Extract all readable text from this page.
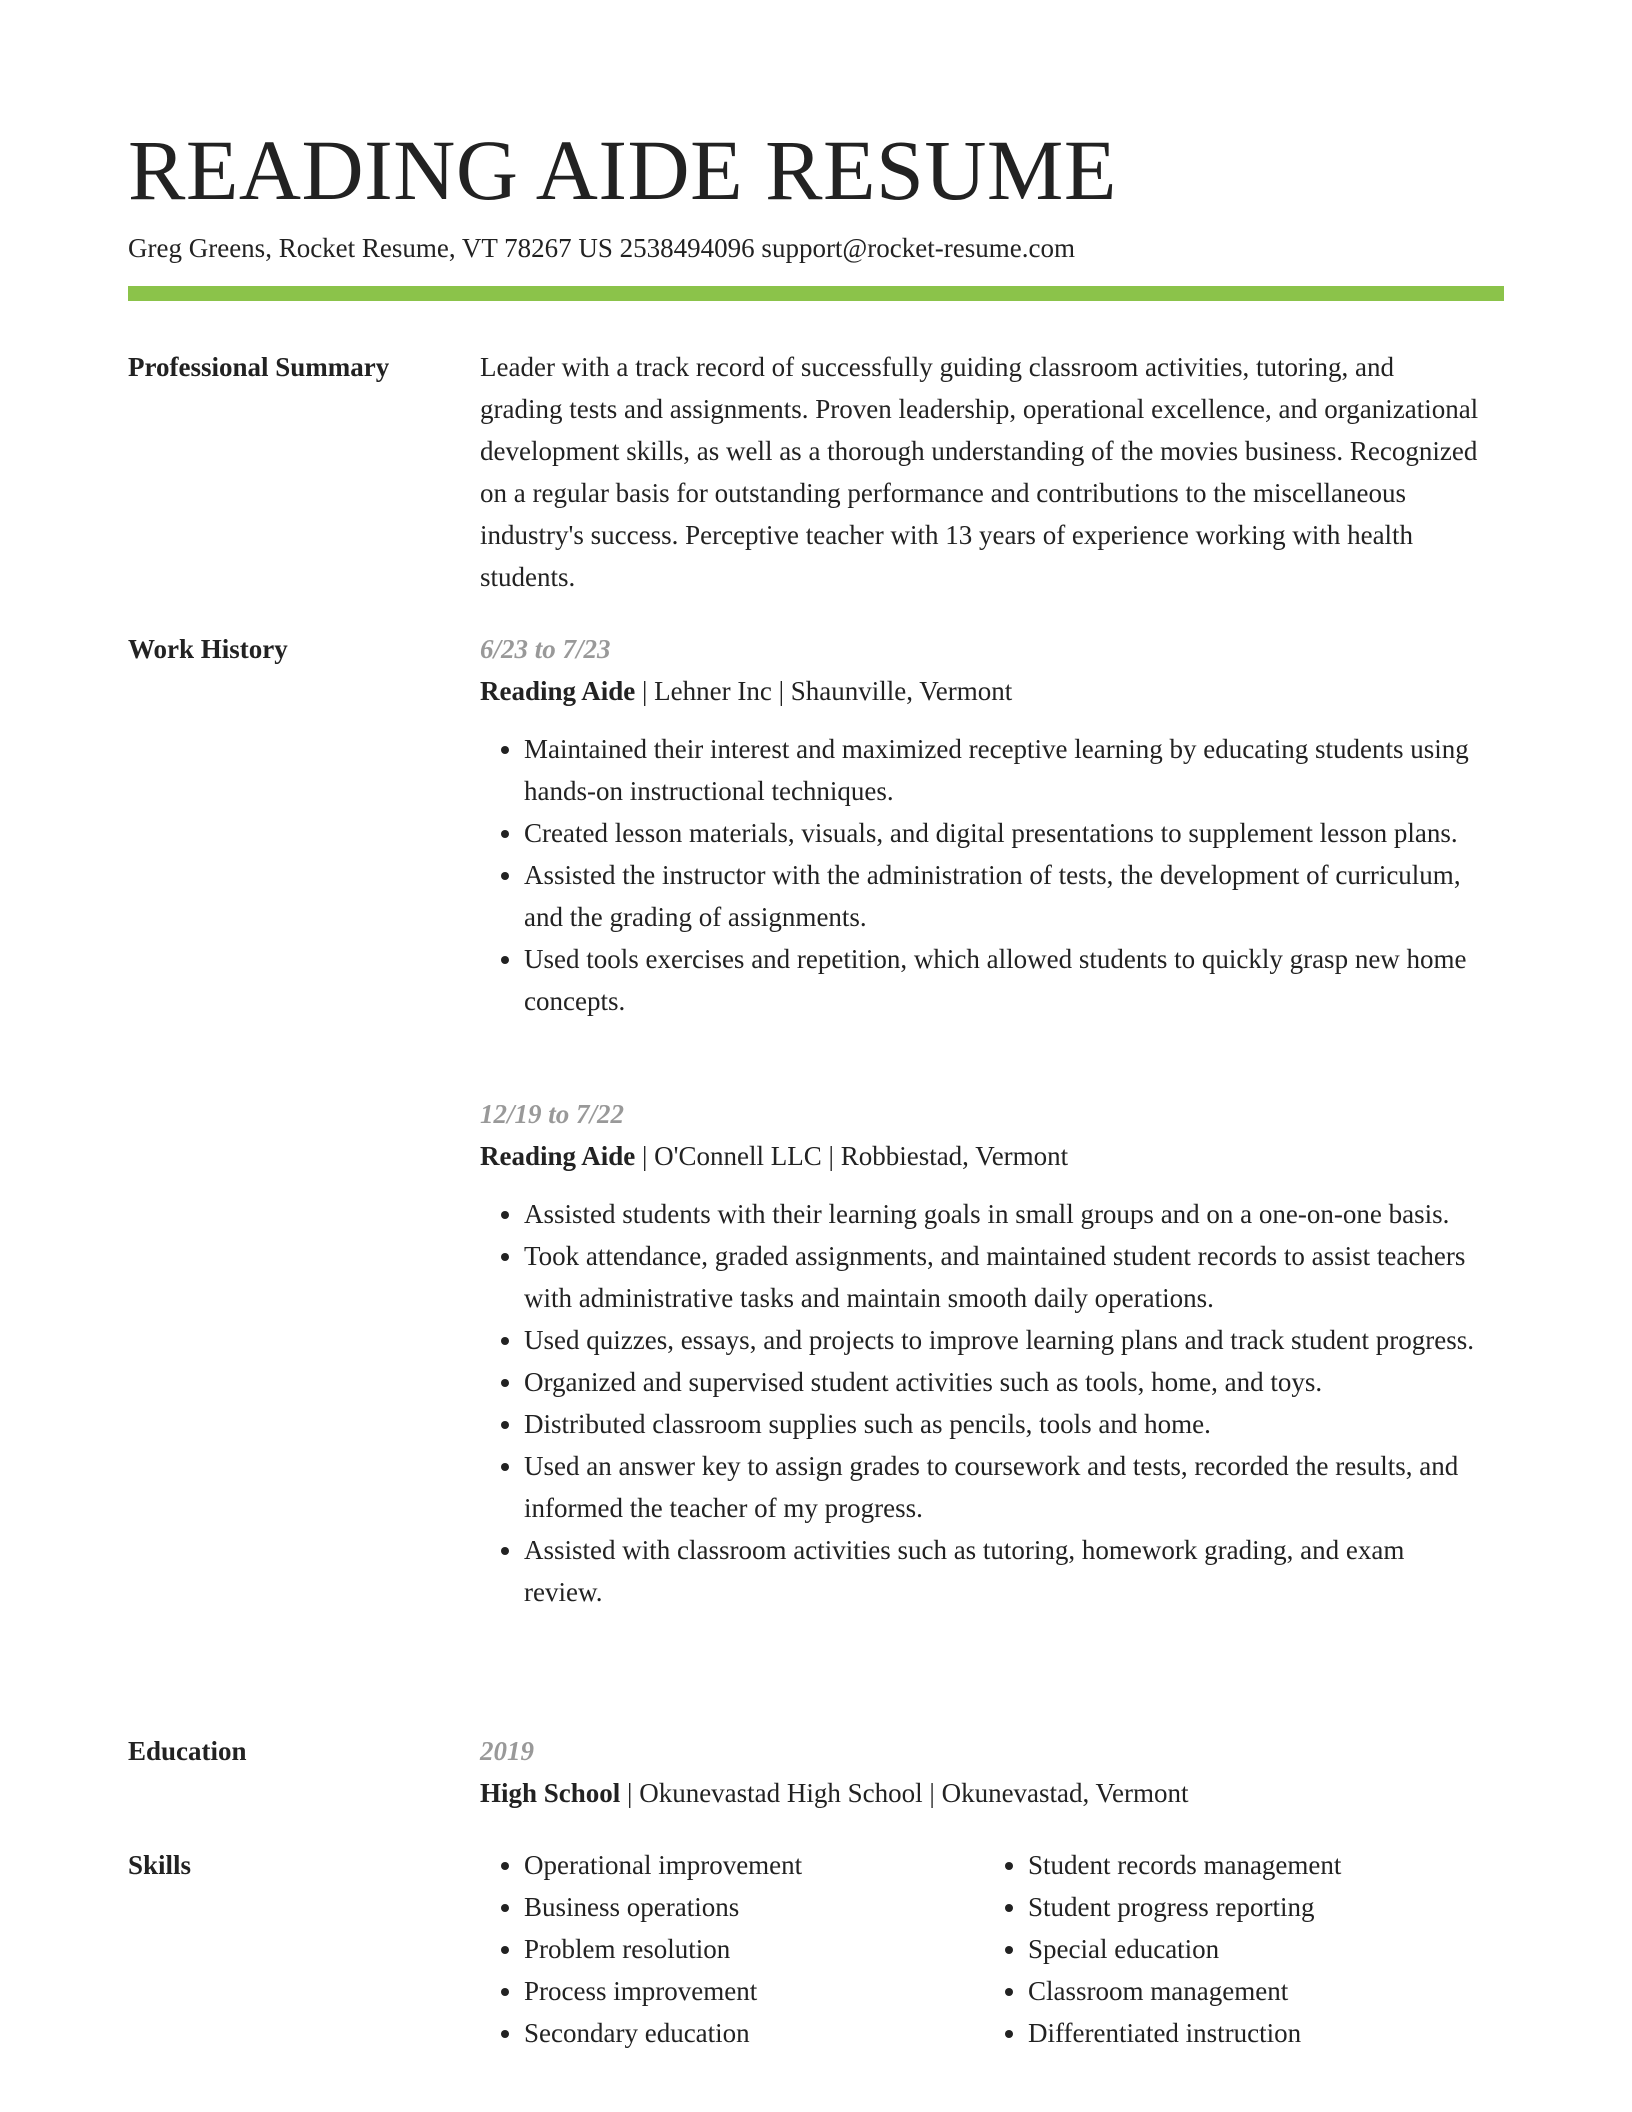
READING AIDE RESUME
Greg Greens, Rocket Resume, VT 78267 US 2538494096 support@rocket-resume.com
Professional Summary	Leader with a track record of successfully guiding classroom activities, tutoring, and grading tests and assignments. Proven leadership, operational excellence, and organizational development skills, as well as a thorough understanding of the movies business. Recognized on a regular basis for outstanding performance and contributions to the miscellaneous industry's success. Perceptive teacher with 13 years of experience working with health students.

Work History	6/23 to 7/23
Reading Aide | Lehner Inc | Shaunville, Vermont
• Maintained their interest and maximized receptive learning by educating students using hands-on instructional techniques.
• Created lesson materials, visuals, and digital presentations to supplement lesson plans.
• Assisted the instructor with the administration of tests, the development of curriculum, and the grading of assignments.
• Used tools exercises and repetition, which allowed students to quickly grasp new home concepts.
12/19 to 7/22
Reading Aide | O'Connell LLC | Robbiestad, Vermont
• Assisted students with their learning goals in small groups and on a one-on-one basis.
• Took attendance, graded assignments, and maintained student records to assist teachers with administrative tasks and maintain smooth daily operations.
• Used quizzes, essays, and projects to improve learning plans and track student progress.
• Organized and supervised student activities such as tools, home, and toys.
• Distributed classroom supplies such as pencils, tools and home.
• Used an answer key to assign grades to coursework and tests, recorded the results, and informed the teacher of my progress.
• Assisted with classroom activities such as tutoring, homework grading, and exam review.
Education	2019
High School | Okunevastad High School | Okunevastad, Vermont
Skills
•	Operational improvement
• Business operations
• Problem resolution
• Process improvement
• Secondary education
• Student records management
• Student progress reporting
• Special education
• Classroom management
• Differentiated instruction
